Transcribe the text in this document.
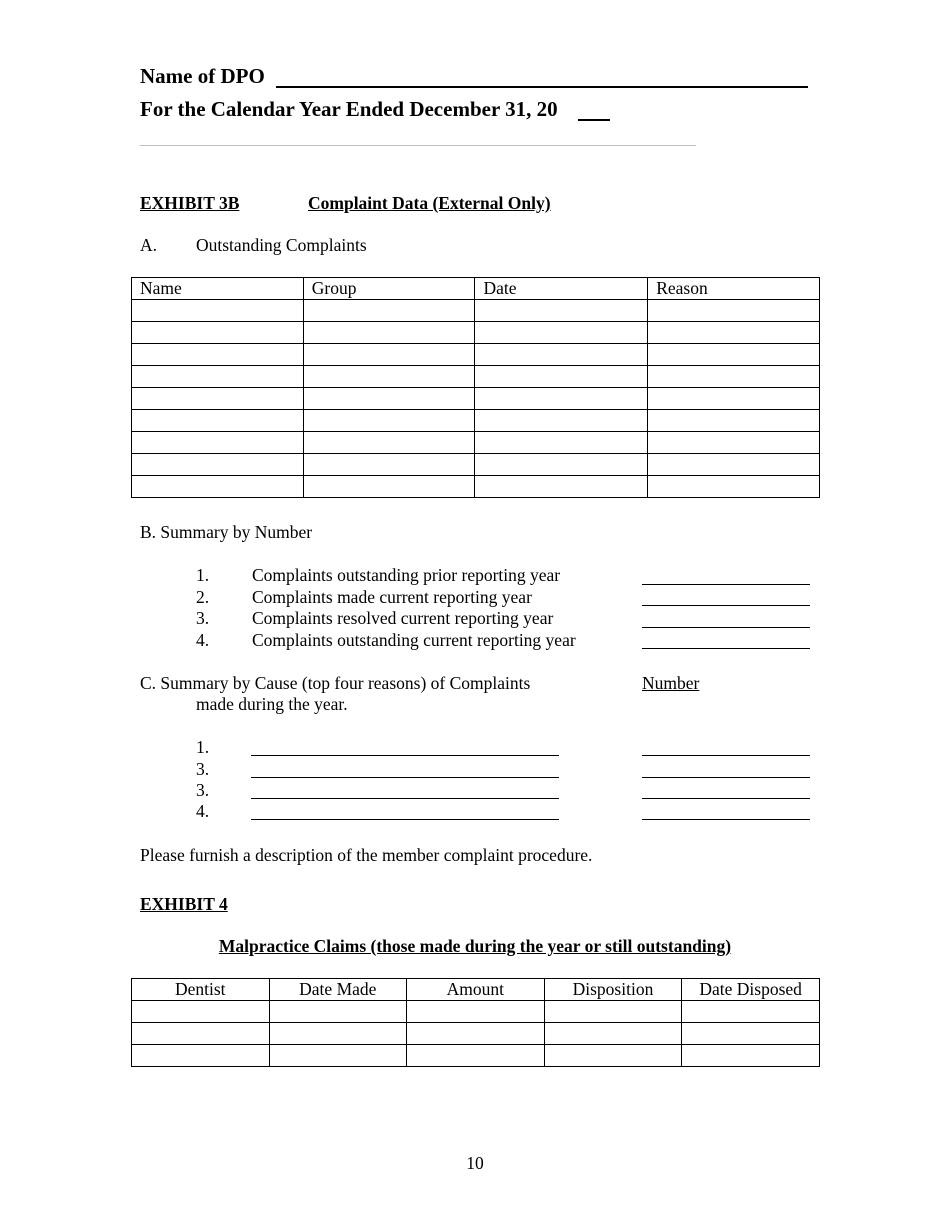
Name of DPO
For the Calendar Year Ended December 31, 20
EXHIBIT 3B	Complaint Data (External Only)
A. Outstanding Complaints
Name	Group	Date	Reason

B. Summary by Number
1. Complaints outstanding prior reporting year
2. Complaints made current reporting year
3. Complaints resolved current reporting year
4. Complaints outstanding current reporting year
C. Summary by Cause (top four reasons) of Complaints
made during the year.
Number
1.
3.
3.
4.
Please furnish a description of the member complaint procedure.
EXHIBIT 4
Malpractice Claims (those made during the year or still outstanding)
Dentist	Date Made	Amount	Disposition	Date Disposed

10
